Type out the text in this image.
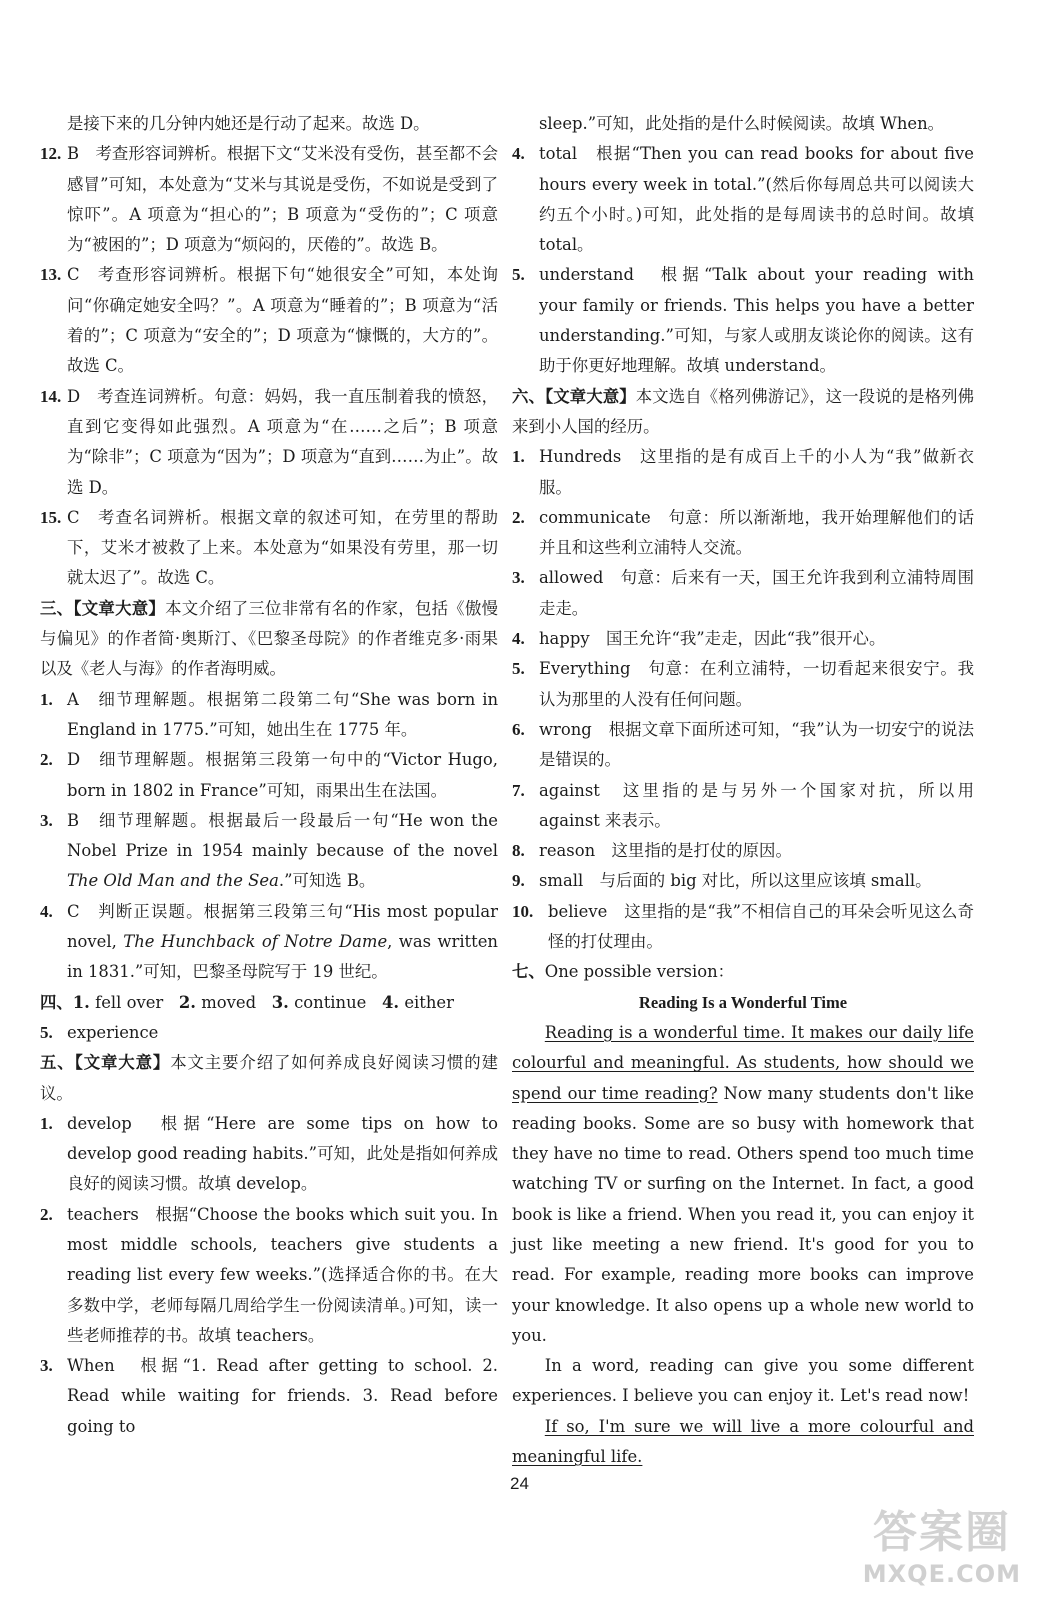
是接下来的几分钟内她还是行动了起来。故选 D。
12. B　考查形容词辨析。根据下文“艾米没有受伤，甚至都不会感冒”可知，本处意为“艾米与其说是受伤，不如说是受到了惊吓”。A 项意为“担心的”；B 项意为“受伤的”；C 项意为“被困的”；D 项意为“烦闷的，厌倦的”。故选 B。
13. C　考查形容词辨析。根据下句“她很安全”可知，本处询问“你确定她安全吗？”。A 项意为“睡着的”；B 项意为“活着的”；C 项意为“安全的”；D 项意为“慷慨的，大方的”。故选 C。
14. D　考查连词辨析。句意：妈妈，我一直压制着我的愤怒，直到它变得如此强烈。A 项意为“在……之后”；B 项意为“除非”；C 项意为“因为”；D 项意为“直到……为止”。故选 D。
15. C　考查名词辨析。根据文章的叙述可知，在劳里的帮助下，艾米才被救了上来。本处意为“如果没有劳里，那一切就太迟了”。故选 C。
三、【文章大意】本文介绍了三位非常有名的作家，包括《傲慢与偏见》的作者简·奥斯汀、《巴黎圣母院》的作者维克多·雨果以及《老人与海》的作者海明威。
1. A　细节理解题。根据第二段第二句“She was born in England in 1775.”可知，她出生在 1775 年。
2. D　细节理解题。根据第三段第一句中的“Victor Hugo, born in 1802 in France”可知，雨果出生在法国。
3. B　细节理解题。根据最后一段最后一句“He won the Nobel Prize in 1954 mainly because of the novel The Old Man and the Sea.”可知选 B。
4. C　判断正误题。根据第三段第三句“His most popular novel, The Hunchback of Notre Dame, was written in 1831.”可知，巴黎圣母院写于 19 世纪。
四、1. fell over 2. moved 3. continue 4. either
5. experience
五、【文章大意】本文主要介绍了如何养成良好阅读习惯的建议。
1. develop　根据“Here are some tips on how to develop good reading habits.”可知，此处是指如何养成良好的阅读习惯。故填 develop。
2. teachers　根据“Choose the books which suit you. In most middle schools, teachers give students a reading list every few weeks.”(选择适合你的书。在大多数中学，老师每隔几周给学生一份阅读清单。)可知，读一些老师推荐的书。故填 teachers。
3. When　根据“1. Read after getting to school. 2. Read while waiting for friends. 3. Read before going to
sleep.”可知，此处指的是什么时候阅读。故填 When。
4. total　根据“Then you can read books for about five hours every week in total.”(然后你每周总共可以阅读大约五个小时。)可知，此处指的是每周读书的总时间。故填 total。
5. understand　根据“Talk about your reading with your family or friends. This helps you have a better understanding.”可知，与家人或朋友谈论你的阅读。这有助于你更好地理解。故填 understand。
六、【文章大意】本文选自《格列佛游记》，这一段说的是格列佛来到小人国的经历。
1. Hundreds　这里指的是有成百上千的小人为“我”做新衣服。
2. communicate　句意：所以渐渐地，我开始理解他们的话并且和这些利立浦特人交流。
3. allowed　句意：后来有一天，国王允许我到利立浦特周围走走。
4. happy　国王允许“我”走走，因此“我”很开心。
5. Everything　句意：在利立浦特，一切看起来很安宁。我认为那里的人没有任何问题。
6. wrong　根据文章下面所述可知，“我”认为一切安宁的说法是错误的。
7. against　这里指的是与另外一个国家对抗，所以用 against 来表示。
8. reason　这里指的是打仗的原因。
9. small　与后面的 big 对比，所以这里应该填 small。
10. believe　这里指的是“我”不相信自己的耳朵会听见这么奇怪的打仗理由。
七、One possible version：
Reading Is a Wonderful Time
Reading is a wonderful time. It makes our daily life colourful and meaningful. As students, how should we spend our time reading? Now many students don't like reading books. Some are so busy with homework that they have no time to read. Others spend too much time watching TV or surfing on the Internet. In fact, a good book is like a friend. When you read it, you can enjoy it just like meeting a new friend. It's good for you to read. For example, reading more books can improve your knowledge. It also opens up a whole new world to you.
In a word, reading can give you some different experiences. I believe you can enjoy it. Let's read now!
If so, I'm sure we will live a more colourful and meaningful life.
24
答案圈
MXQE.COM
